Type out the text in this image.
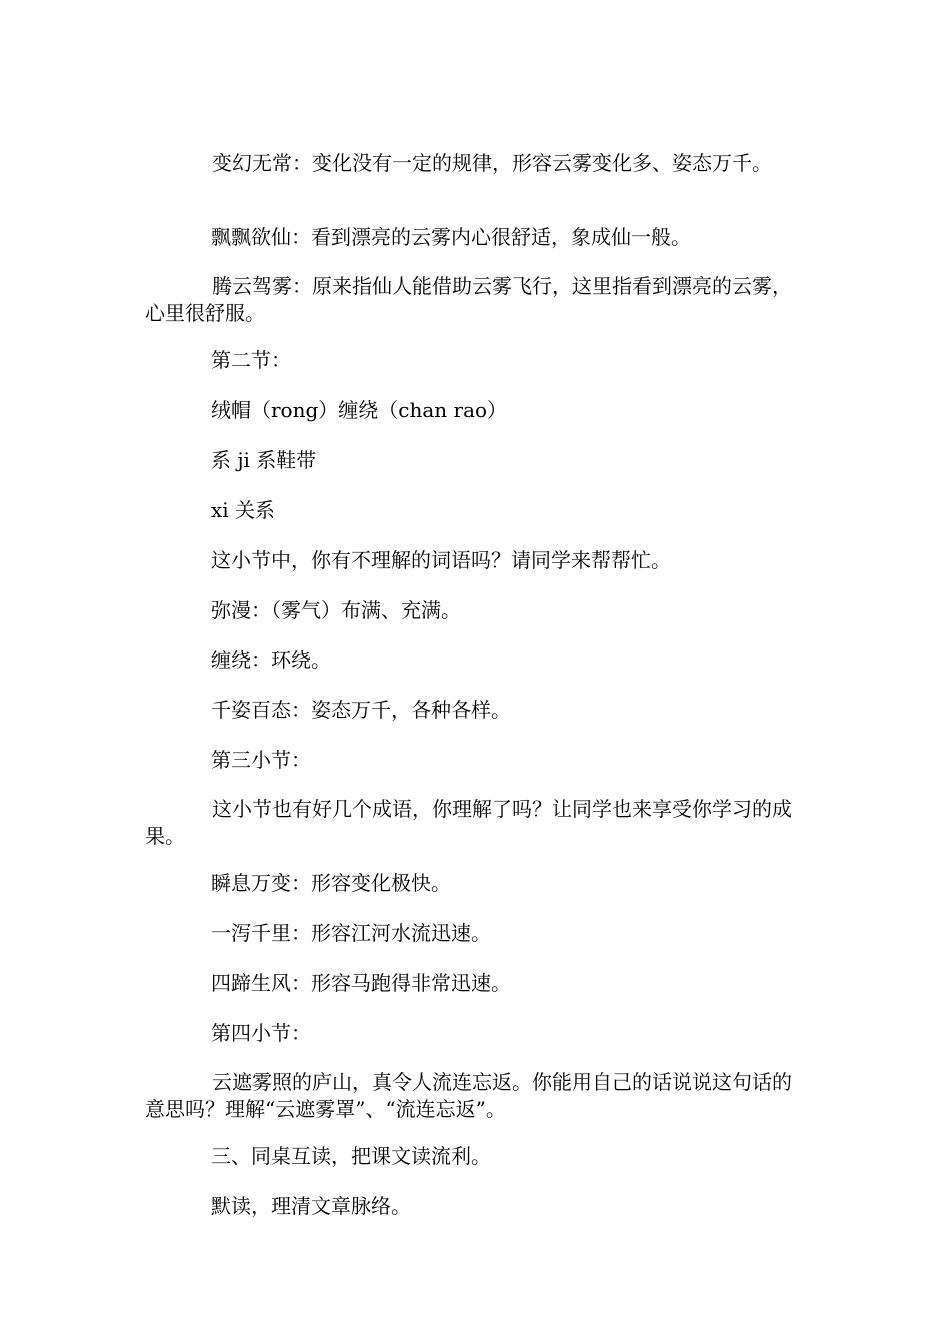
变幻无常：变化没有一定的规律，形容云雾变化多、姿态万千。

飘飘欲仙：看到漂亮的云雾内心很舒适，象成仙一般。

腾云驾雾：原来指仙人能借助云雾飞行，这里指看到漂亮的云雾，心里很舒服。

第二节：

绒帽（rong）缠绕（chan rao）

系 ji 系鞋带

xi 关系

这小节中，你有不理解的词语吗？请同学来帮帮忙。

弥漫：（雾气）布满、充满。

缠绕：环绕。

千姿百态：姿态万千，各种各样。

第三小节：

这小节也有好几个成语，你理解了吗？让同学也来享受你学习的成果。

瞬息万变：形容变化极快。

一泻千里：形容江河水流迅速。

四蹄生风：形容马跑得非常迅速。

第四小节：

云遮雾照的庐山，真令人流连忘返。你能用自己的话说说这句话的意思吗？理解“云遮雾罩”、“流连忘返”。

三、同桌互读，把课文读流利。

默读，理清文章脉络。
